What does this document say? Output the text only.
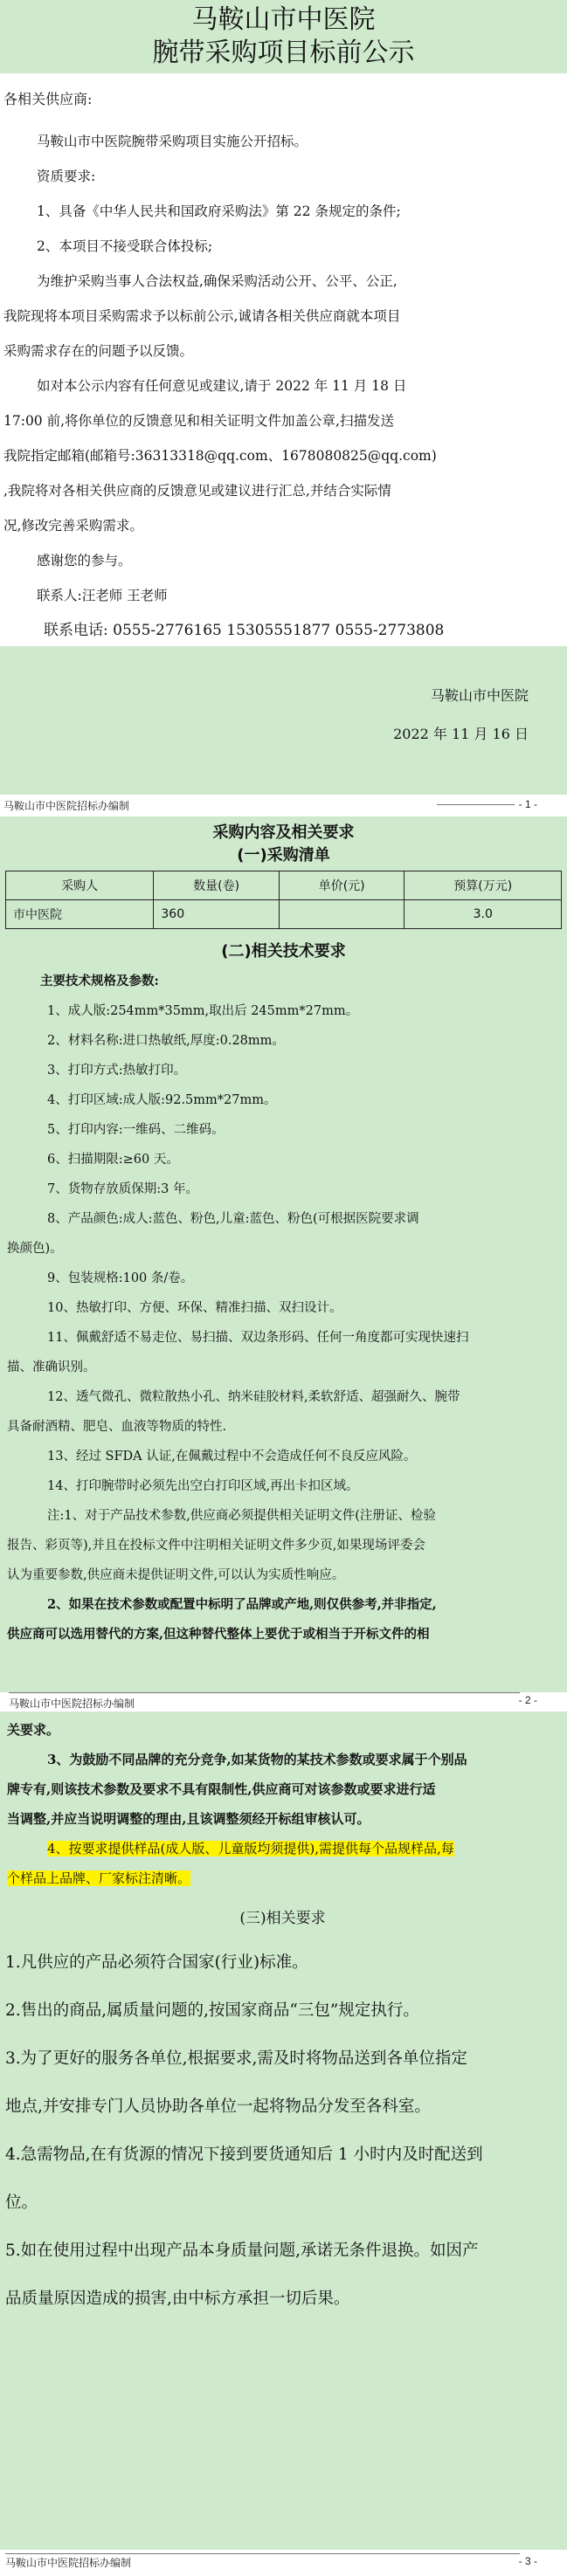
马鞍山市中医院
腕带采购项目标前公示

各相关供应商:

马鞍山市中医院腕带采购项目实施公开招标。

资质要求:

1、具备《中华人民共和国政府采购法》第 22 条规定的条件;

2、本项目不接受联合体投标;

为维护采购当事人合法权益,确保采购活动公开、公平、公正,

我院现将本项目采购需求予以标前公示,诚请各相关供应商就本项目

采购需求存在的问题予以反馈。

如对本公示内容有任何意见或建议,请于 2022 年 11 月 18 日

17:00 前,将你单位的反馈意见和相关证明文件加盖公章,扫描发送

我院指定邮箱(邮箱号:36313318@qq.com、1678080825@qq.com)

,我院将对各相关供应商的反馈意见或建议进行汇总,并结合实际情

况,修改完善采购需求。

感谢您的参与。

联系人:汪老师 王老师

联系电话: 0555-2776165 15305551877 0555-2773808

马鞍山市中医院
2022 年 11 月 16 日
马鞍山市中医院招标办编制	- 1 -
采购内容及相关要求
(一)采购清单
采购人	数量(卷)	单价(元)	预算(万元)
市中医院	360		3.0
(二)相关技术要求

主要技术规格及参数:

1、成人版:254mm*35mm,取出后 245mm*27mm。

2、材料名称:进口热敏纸,厚度:0.28mm。

3、打印方式:热敏打印。

4、打印区域:成人版:92.5mm*27mm。

5、打印内容:一维码、二维码。

6、扫描期限:≥60 天。

7、货物存放质保期:3 年。

8、产品颜色:成人:蓝色、粉色,儿童:蓝色、粉色(可根据医院要求调

换颜色)。

9、包装规格:100 条/卷。

10、热敏打印、方便、环保、精准扫描、双扫设计。

11、佩戴舒适不易走位、易扫描、双边条形码、任何一角度都可实现快速扫

描、准确识别。

12、透气微孔、微粒散热小孔、纳米硅胶材料,柔软舒适、超强耐久、腕带

具备耐酒精、肥皂、血液等物质的特性.

13、经过 SFDA 认证,在佩戴过程中不会造成任何不良反应风险。

14、打印腕带时必须先出空白打印区域,再出卡扣区域。

注:1、对于产品技术参数,供应商必须提供相关证明文件(注册证、检验

报告、彩页等),并且在投标文件中注明相关证明文件多少页,如果现场评委会

认为重要参数,供应商未提供证明文件,可以认为实质性响应。

2、如果在技术参数或配置中标明了品牌或产地,则仅供参考,并非指定,

供应商可以选用替代的方案,但这种替代整体上要优于或相当于开标文件的相

马鞍山市中医院招标办编制	- 2 -

关要求。

3、为鼓励不同品牌的充分竞争,如某货物的某技术参数或要求属于个别品

牌专有,则该技术参数及要求不具有限制性,供应商可对该参数或要求进行适

当调整,并应当说明调整的理由,且该调整须经开标组审核认可。

4、按要求提供样品(成人版、儿童版均须提供),需提供每个品规样品,每

个样品上品牌、厂家标注清晰。

(三)相关要求

1.凡供应的产品必须符合国家(行业)标准。

2.售出的商品,属质量问题的,按国家商品“三包”规定执行。

3.为了更好的服务各单位,根据要求,需及时将物品送到各单位指定

地点,并安排专门人员协助各单位一起将物品分发至各科室。

4.急需物品,在有货源的情况下接到要货通知后 1 小时内及时配送到

位。

5.如在使用过程中出现产品本身质量问题,承诺无条件退换。如因产

品质量原因造成的损害,由中标方承担一切后果。

马鞍山市中医院招标办编制	- 3 -
